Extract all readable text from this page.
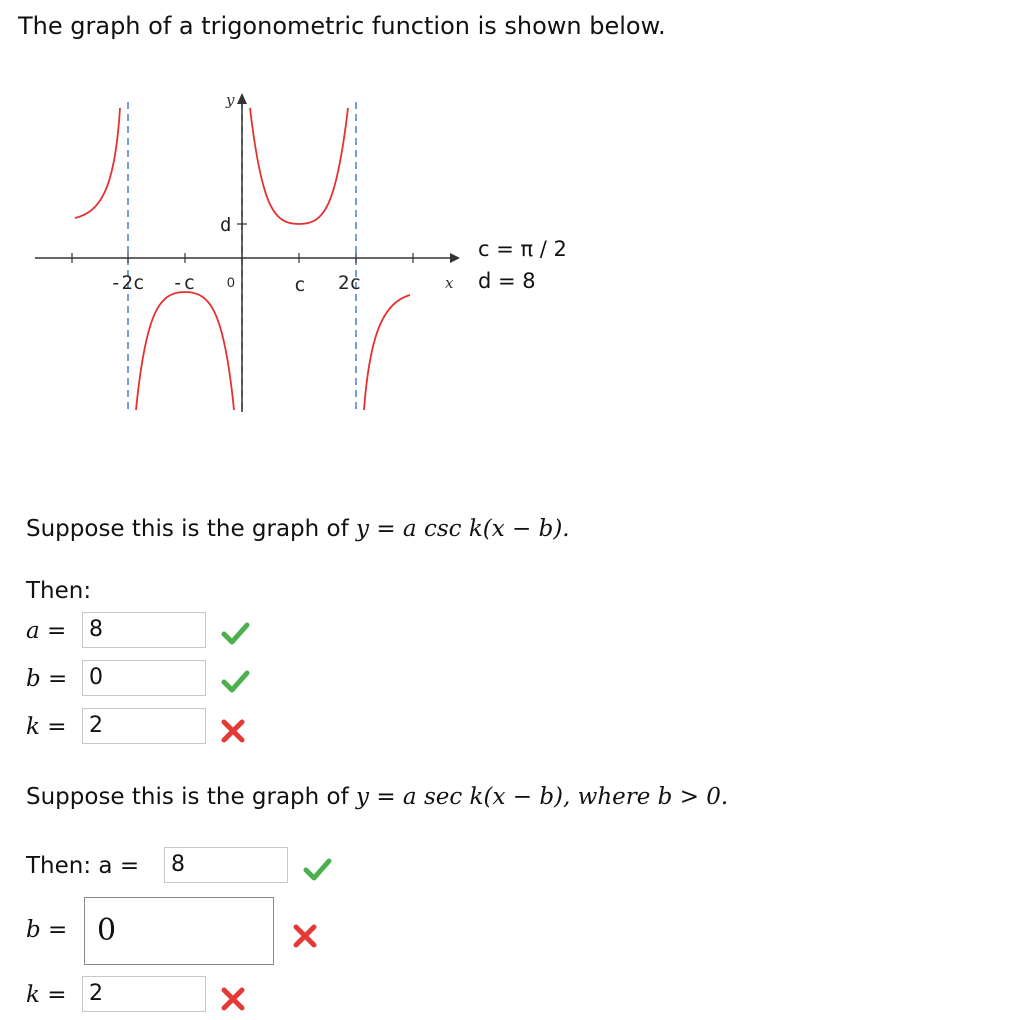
The graph of a trigonometric function is shown below.
y
x
d
-2c -c 0	c 2c
c = π / 2
d = 8
Suppose this is the graph of y = a csc k(x − b).
Then:
a =	8
b = 0
k =	2
Suppose this is the graph of y = a sec k(x − b), where b > 0.
Then: a =	8
b = 0
k =	2
